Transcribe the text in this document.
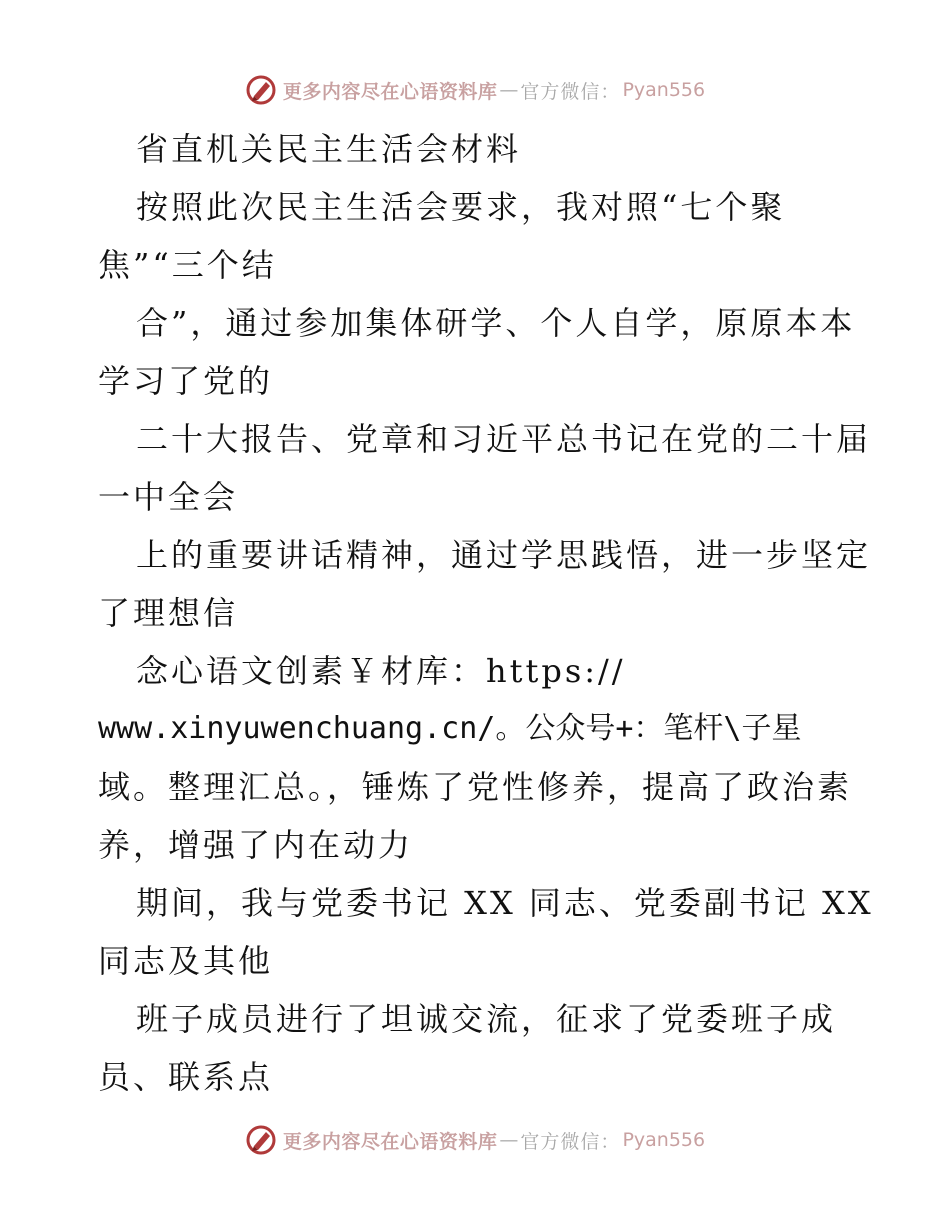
更多内容尽在心语资料库 — 官方微信： Pyan556
省直机关民主生活会材料
按照此次民主生活会要求，我对照“七个聚
焦”“三个结
合”，通过参加集体研学、个人自学，原原本本
学习了党的
二十大报告、党章和习近平总书记在党的二十届
一中全会
上的重要讲话精神，通过学思践悟，进一步坚定
了理想信
念心语文创素￥材库：https://
www.xinyuwenchuang.cn/。公众号+：笔杆\子星
域。整理汇总。，锤炼了党性修养，提高了政治素
养，增强了内在动力
期间，我与党委书记 XX 同志、党委副书记 XX
同志及其他
班子成员进行了坦诚交流，征求了党委班子成
员、联系点
更多内容尽在心语资料库 — 官方微信： Pyan556
